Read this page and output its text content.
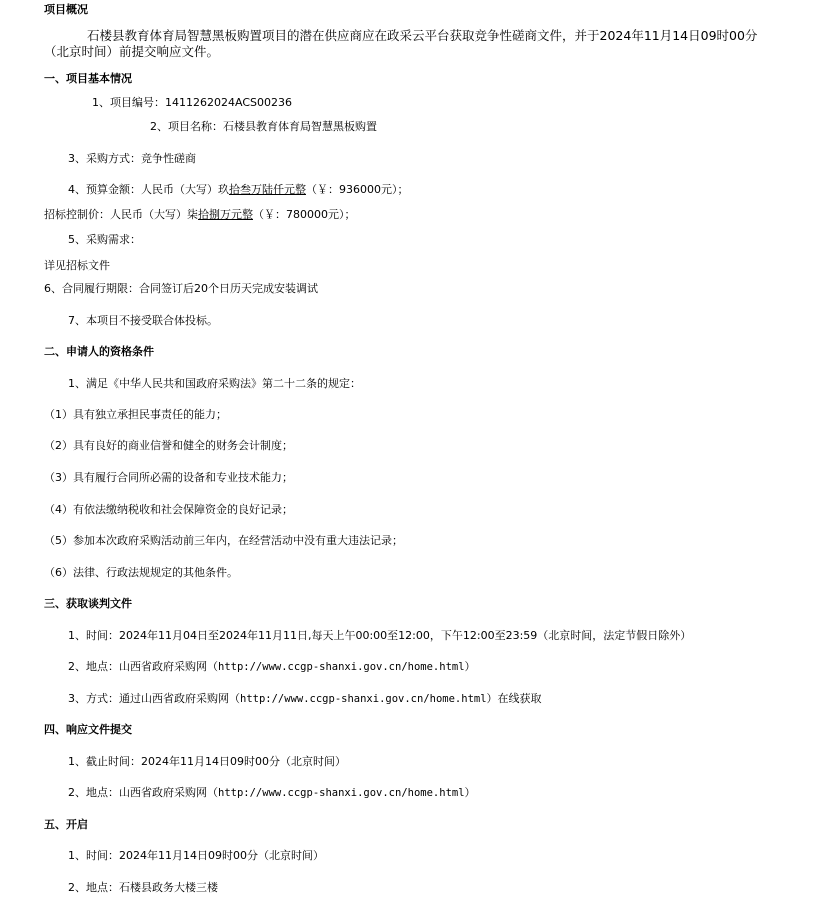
项目概况
石楼县教育体育局智慧黑板购置项目的潜在供应商应在政采云平台获取竞争性磋商文件，并于2024年11月14日09时00分
（北京时间）前提交响应文件。
一、项目基本情况
1、项目编号：1411262024ACS00236
2、项目名称：石楼县教育体育局智慧黑板购置
3、采购方式：竞争性磋商
4、预算金额：人民币（大写）玖拾叁万陆仟元整（￥：936000元）；
招标控制价：人民币（大写）柒拾捌万元整（￥：780000元）；
5、采购需求：
详见招标文件
6、合同履行期限：合同签订后20个日历天完成安装调试
7、本项目不接受联合体投标。
二、申请人的资格条件
1、满足《中华人民共和国政府采购法》第二十二条的规定：
（1）具有独立承担民事责任的能力；
（2）具有良好的商业信誉和健全的财务会计制度；
（3）具有履行合同所必需的设备和专业技术能力；
（4）有依法缴纳税收和社会保障资金的良好记录；
（5）参加本次政府采购活动前三年内，在经营活动中没有重大违法记录；
（6）法律、行政法规规定的其他条件。
三、获取谈判文件
1、时间：2024年11月04日至2024年11月11日,每天上午00:00至12:00，下午12:00至23:59（北京时间，法定节假日除外）
2、地点：山西省政府采购网（http://www.ccgp-shanxi.gov.cn/home.html）
3、方式：通过山西省政府采购网（http://www.ccgp-shanxi.gov.cn/home.html）在线获取
四、响应文件提交
1、截止时间：2024年11月14日09时00分（北京时间）
2、地点：山西省政府采购网（http://www.ccgp-shanxi.gov.cn/home.html）
五、开启
1、时间：2024年11月14日09时00分（北京时间）
2、地点：石楼县政务大楼三楼
